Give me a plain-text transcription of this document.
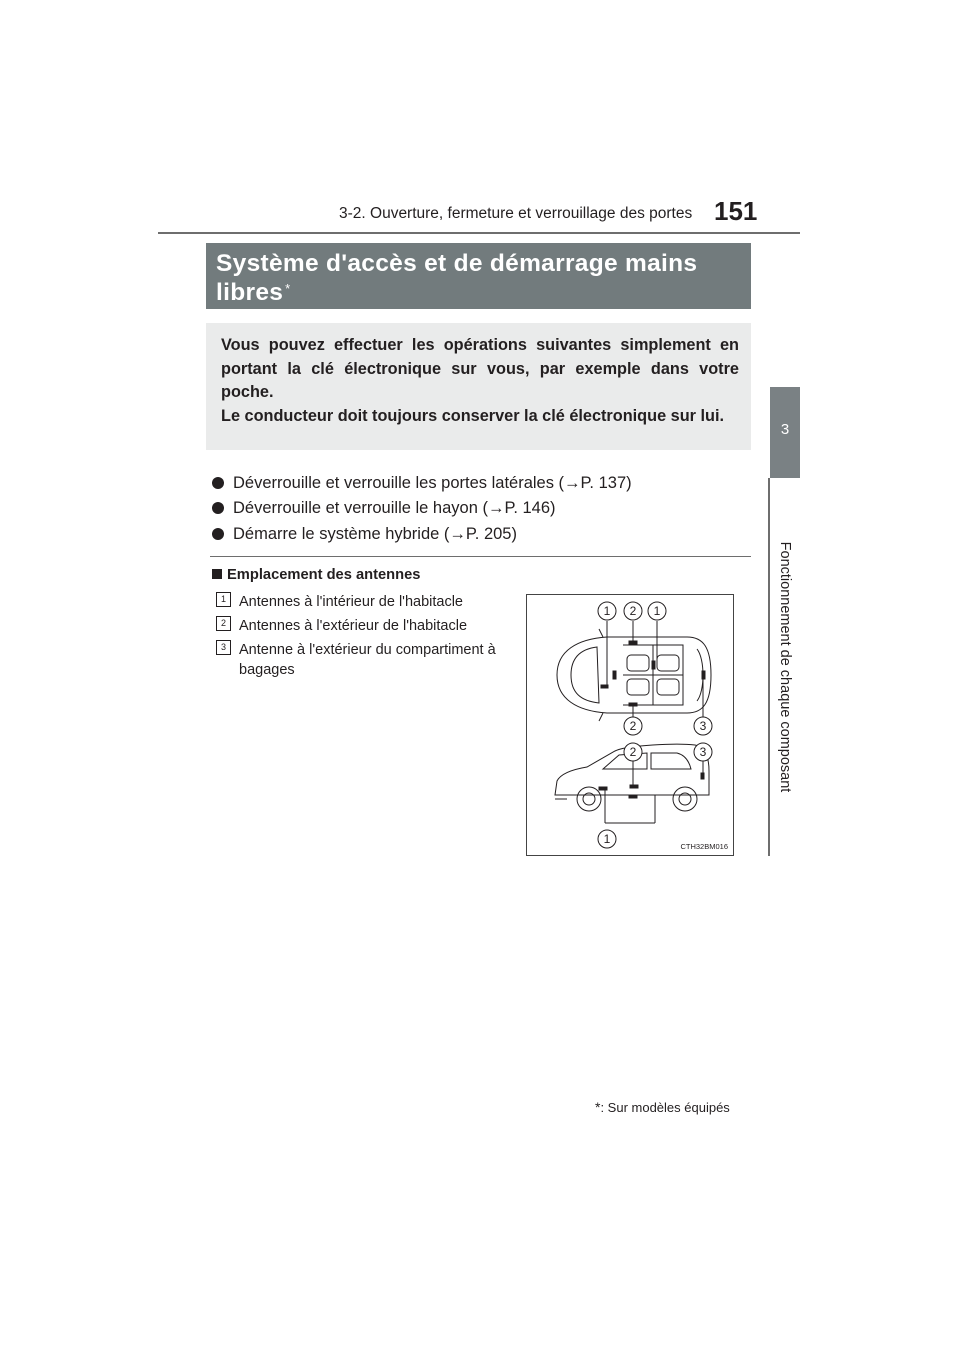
3-2. Ouverture, fermeture et verrouillage des portes 151
3
Fonctionnement de chaque composant
Système d'accès et de démarrage mains libres *

Vous pouvez effectuer les opérations suivantes simplement en portant la clé électronique sur vous, par exemple dans votre poche.

Le conducteur doit toujours conserver la clé électronique sur lui.

Déverrouille et verrouille les portes latérales (→P. 137)
Déverrouille et verrouille le hayon (→P. 146)
Démarre le système hybride (→P. 205)
Emplacement des antennes
1 Antennes à l'intérieur de l'habitacle
2 Antennes à l'extérieur de l'habitacle
3 Antenne à l'extérieur du compartiment à bagages
1 2 1
2	3
2	3
1
CTH32BM016
*: Sur modèles équipés
